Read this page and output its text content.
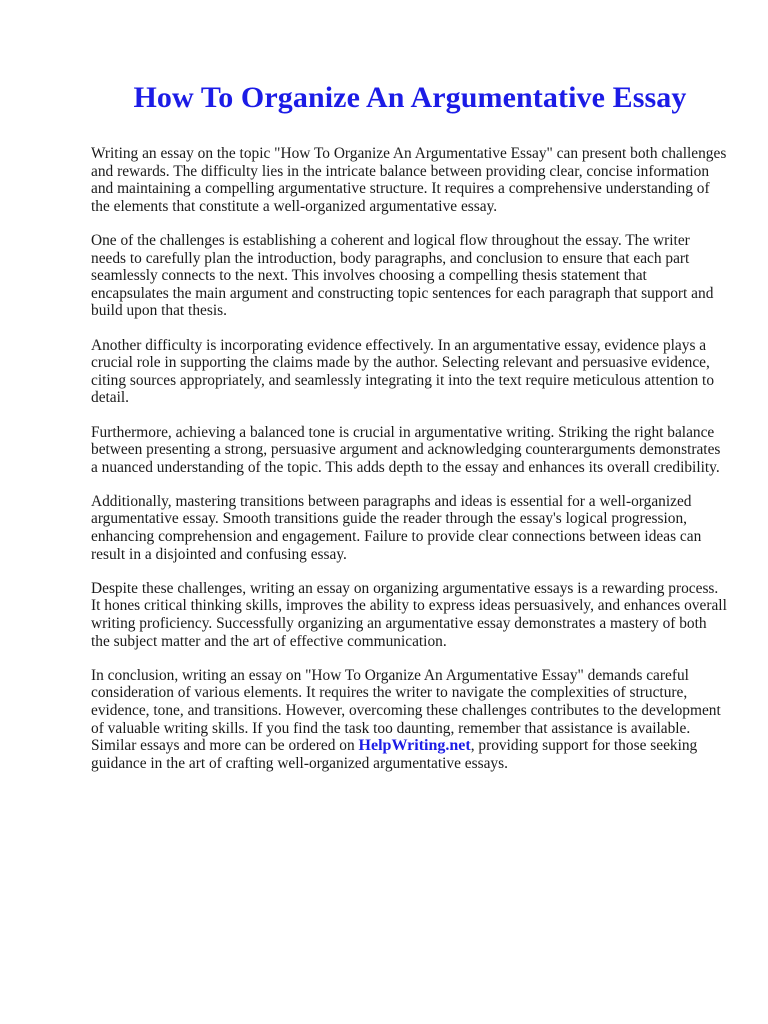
How To Organize An Argumentative Essay

Writing an essay on the topic "How To Organize An Argumentative Essay" can present both challenges and rewards. The difficulty lies in the intricate balance between providing clear, concise information and maintaining a compelling argumentative structure. It requires a comprehensive understanding of the elements that constitute a well-organized argumentative essay.

One of the challenges is establishing a coherent and logical flow throughout the essay. The writer needs to carefully plan the introduction, body paragraphs, and conclusion to ensure that each part seamlessly connects to the next. This involves choosing a compelling thesis statement that encapsulates the main argument and constructing topic sentences for each paragraph that support and build upon that thesis.

Another difficulty is incorporating evidence effectively. In an argumentative essay, evidence plays a crucial role in supporting the claims made by the author. Selecting relevant and persuasive evidence, citing sources appropriately, and seamlessly integrating it into the text require meticulous attention to detail.

Furthermore, achieving a balanced tone is crucial in argumentative writing. Striking the right balance between presenting a strong, persuasive argument and acknowledging counterarguments demonstrates a nuanced understanding of the topic. This adds depth to the essay and enhances its overall credibility.

Additionally, mastering transitions between paragraphs and ideas is essential for a well-organized argumentative essay. Smooth transitions guide the reader through the essay's logical progression, enhancing comprehension and engagement. Failure to provide clear connections between ideas can result in a disjointed and confusing essay.

Despite these challenges, writing an essay on organizing argumentative essays is a rewarding process. It hones critical thinking skills, improves the ability to express ideas persuasively, and enhances overall writing proficiency. Successfully organizing an argumentative essay demonstrates a mastery of both the subject matter and the art of effective communication.

In conclusion, writing an essay on "How To Organize An Argumentative Essay" demands careful consideration of various elements. It requires the writer to navigate the complexities of structure, evidence, tone, and transitions. However, overcoming these challenges contributes to the development of valuable writing skills. If you find the task too daunting, remember that assistance is available. Similar essays and more can be ordered on HelpWriting.net, providing support for those seeking guidance in the art of crafting well-organized argumentative essays.
